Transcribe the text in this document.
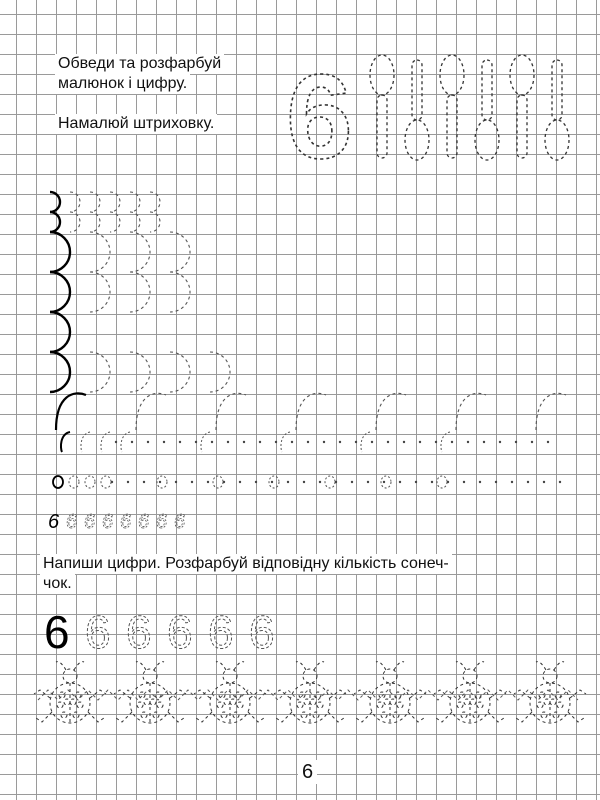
Обведи та розфарбуй
малюнок і цифру.
Намалюй штриховку.
Напиши цифри. Розфарбуй відповідну кількість сонеч-
чок.
6
6
6 6 6 6 6 6 6 6
6 6 6 6 6 6
